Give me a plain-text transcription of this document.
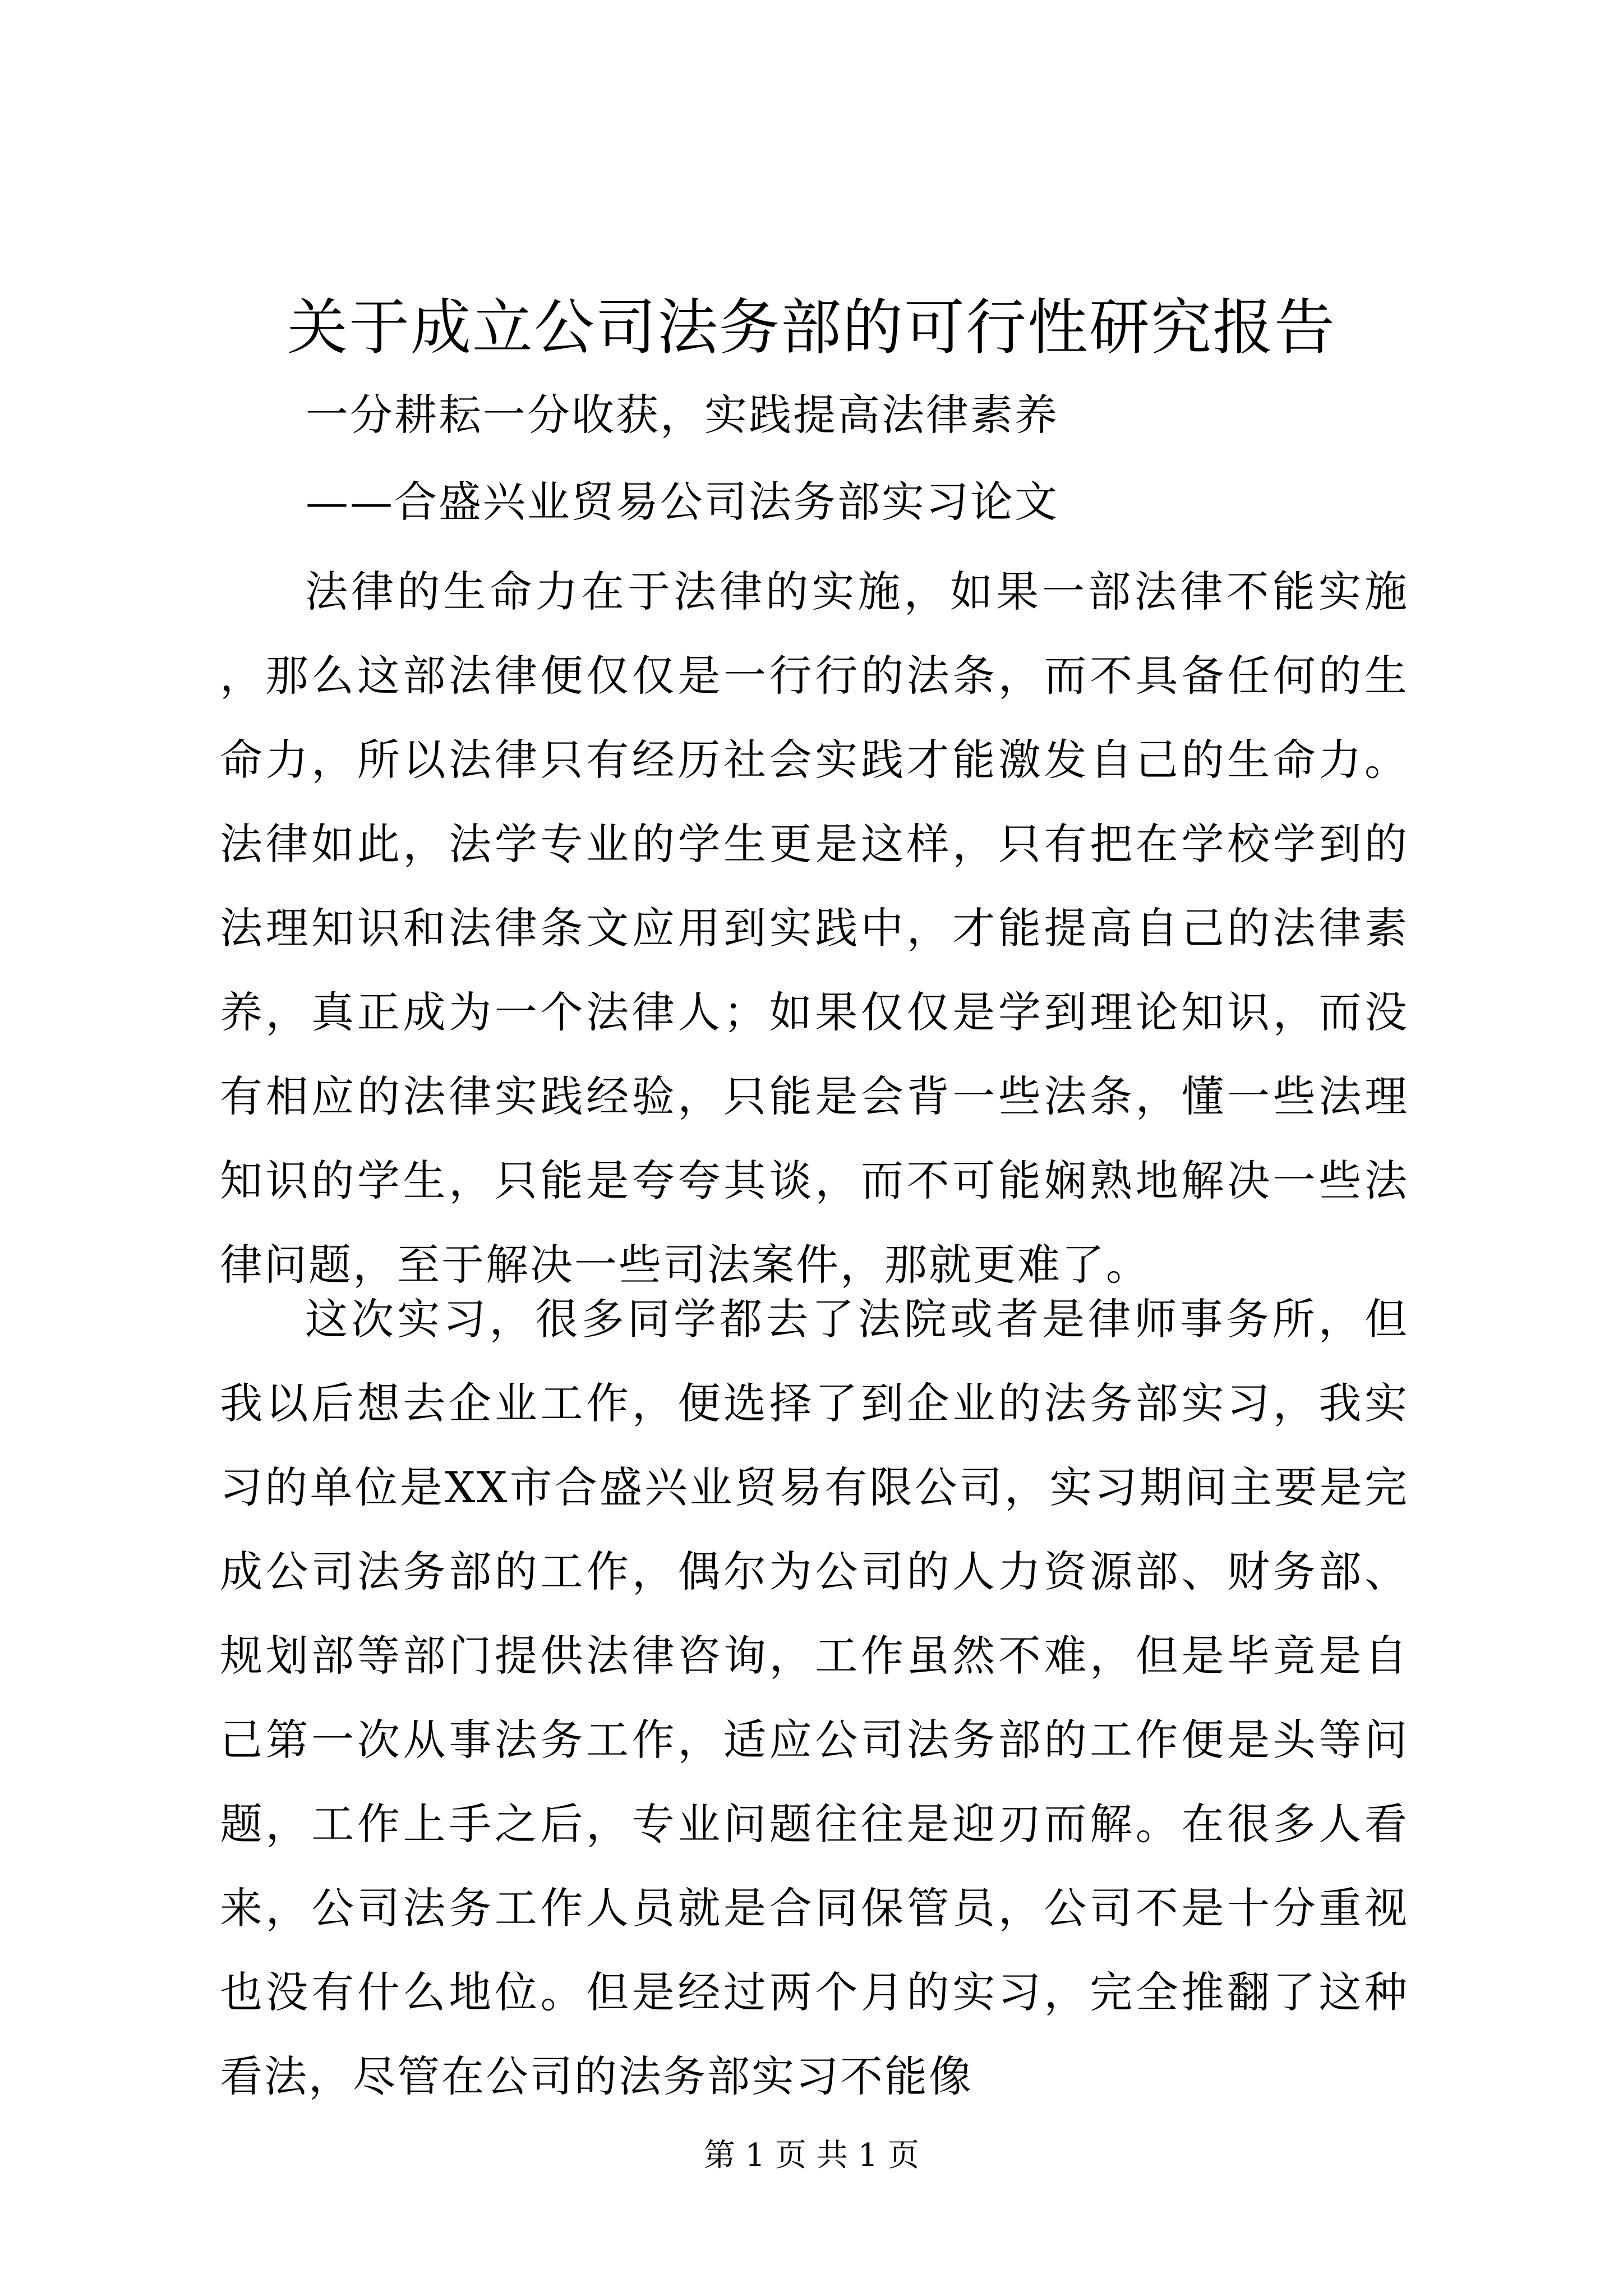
关于成立公司法务部的可行性研究报告
一分耕耘一分收获，实践提高法律素养
——合盛兴业贸易公司法务部实习论文

法律的生命力在于法律的实施，如果一部法律不能实施，那么这部法律便仅仅是一行行的法条，而不具备任何的生命力，所以法律只有经历社会实践才能激发自己的生命力。法律如此，法学专业的学生更是这样，只有把在学校学到的法理知识和法律条文应用到实践中，才能提高自己的法律素养，真正成为一个法律人；如果仅仅是学到理论知识，而没有相应的法律实践经验，只能是会背一些法条，懂一些法理知识的学生，只能是夸夸其谈，而不可能娴熟地解决一些法律问题，至于解决一些司法案件，那就更难了。

这次实习，很多同学都去了法院或者是律师事务所，但我以后想去企业工作，便选择了到企业的法务部实习，我实习的单位是XX市合盛兴业贸易有限公司，实习期间主要是完成公司法务部的工作，偶尔为公司的人力资源部、财务部、规划部等部门提供法律咨询，工作虽然不难，但是毕竟是自己第一次从事法务工作，适应公司法务部的工作便是头等问题，工作上手之后，专业问题往往是迎刃而解。在很多人看来，公司法务工作人员就是合同保管员，公司不是十分重视也没有什么地位。但是经过两个月的实习，完全推翻了这种看法，尽管在公司的法务部实习不能像

第 1 页 共 1 页
